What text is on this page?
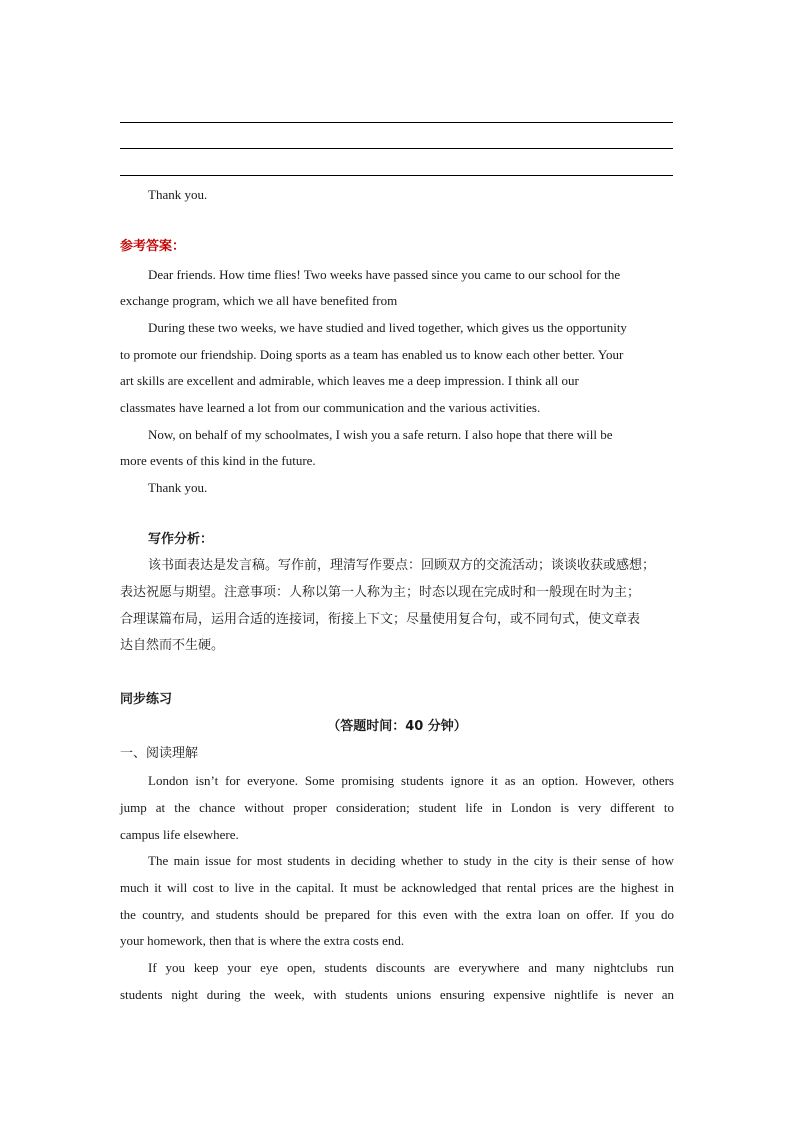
Thank you.
参考答案：
Dear friends. How time flies! Two weeks have passed since you came to our school for the
exchange program, which we all have benefited from
During these two weeks, we have studied and lived together, which gives us the opportunity
to promote our friendship. Doing sports as a team has enabled us to know each other better. Your
art skills are excellent and admirable, which leaves me a deep impression. I think all our
classmates have learned a lot from our communication and the various activities.
Now, on behalf of my schoolmates, I wish you a safe return. I also hope that there will be
more events of this kind in the future.
Thank you.
写作分析：
该书面表达是发言稿。写作前，理清写作要点：回顾双方的交流活动；谈谈收获或感想；
表达祝愿与期望。注意事项：人称以第一人称为主；时态以现在完成时和一般现在时为主；
合理谋篇布局，运用合适的连接词，衔接上下文；尽量使用复合句，或不同句式，使文章表
达自然而不生硬。
同步练习
（答题时间：40 分钟）
一、阅读理解
London isn’t for everyone. Some promising students ignore it as an option. However, others
jump at the chance without proper consideration; student life in London is very different to
campus life elsewhere.
The main issue for most students in deciding whether to study in the city is their sense of how
much it will cost to live in the capital. It must be acknowledged that rental prices are the highest in
the country, and students should be prepared for this even with the extra loan on offer. If you do
your homework, then that is where the extra costs end.
If you keep your eye open, students discounts are everywhere and many nightclubs run
students night during the week, with students unions ensuring expensive nightlife is never an
